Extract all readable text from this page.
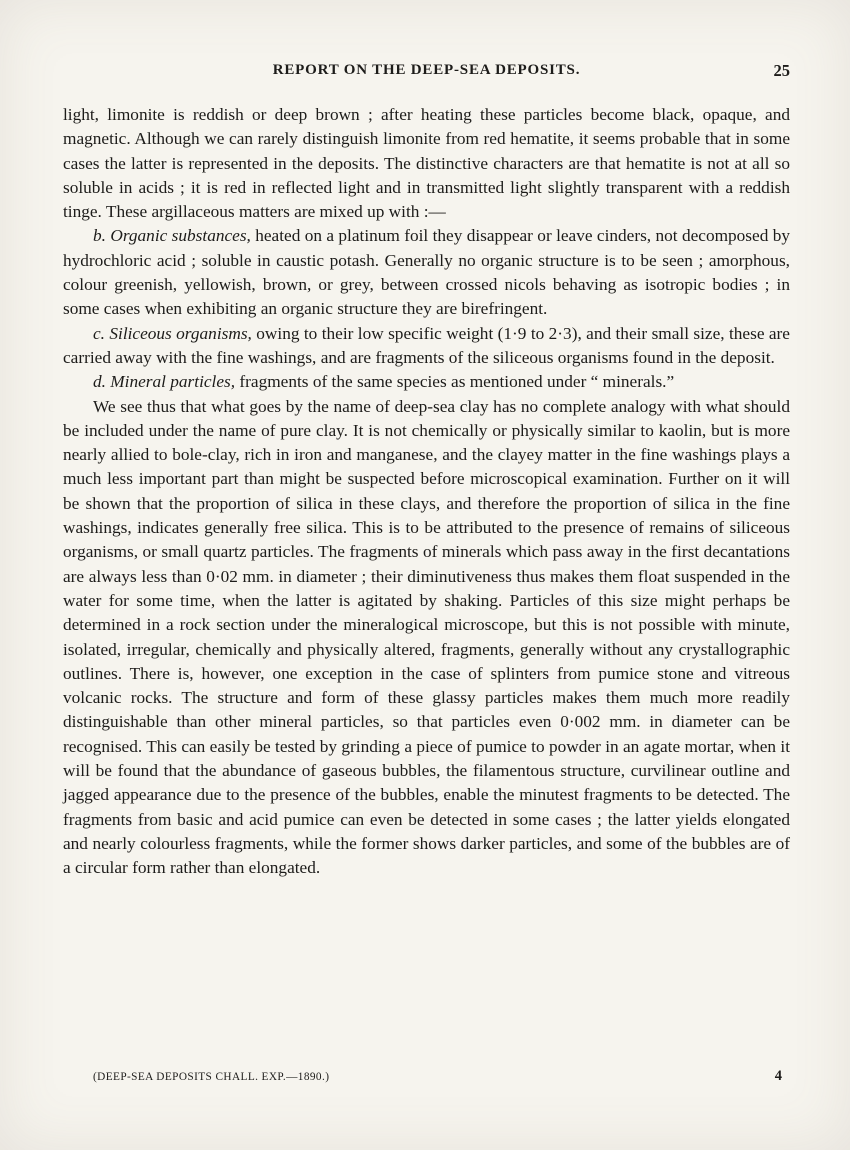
REPORT ON THE DEEP-SEA DEPOSITS.	25

light, limonite is reddish or deep brown ; after heating these particles become black, opaque, and magnetic. Although we can rarely distinguish limonite from red hematite, it seems probable that in some cases the latter is represented in the deposits. The distinctive characters are that hematite is not at all so soluble in acids ; it is red in reflected light and in transmitted light slightly transparent with a reddish tinge. These argillaceous matters are mixed up with :—

b. Organic substances, heated on a platinum foil they disappear or leave cinders, not decomposed by hydrochloric acid ; soluble in caustic potash. Generally no organic structure is to be seen ; amorphous, colour greenish, yellowish, brown, or grey, between crossed nicols behaving as isotropic bodies ; in some cases when exhibiting an organic structure they are birefringent.

c. Siliceous organisms, owing to their low specific weight (1·9 to 2·3), and their small size, these are carried away with the fine washings, and are fragments of the siliceous organisms found in the deposit.

d. Mineral particles, fragments of the same species as mentioned under “ minerals.”

We see thus that what goes by the name of deep-sea clay has no complete analogy with what should be included under the name of pure clay. It is not chemically or physically similar to kaolin, but is more nearly allied to bole-clay, rich in iron and manganese, and the clayey matter in the fine washings plays a much less important part than might be suspected before microscopical examination. Further on it will be shown that the proportion of silica in these clays, and therefore the proportion of silica in the fine washings, indicates generally free silica. This is to be attributed to the presence of remains of siliceous organisms, or small quartz particles. The fragments of minerals which pass away in the first decantations are always less than 0·02 mm. in diameter ; their diminutiveness thus makes them float suspended in the water for some time, when the latter is agitated by shaking. Particles of this size might perhaps be determined in a rock section under the mineralogical microscope, but this is not possible with minute, isolated, irregular, chemically and physically altered, fragments, generally without any crystallographic outlines. There is, however, one exception in the case of splinters from pumice stone and vitreous volcanic rocks. The structure and form of these glassy particles makes them much more readily distinguishable than other mineral particles, so that particles even 0·002 mm. in diameter can be recognised. This can easily be tested by grinding a piece of pumice to powder in an agate mortar, when it will be found that the abundance of gaseous bubbles, the filamentous structure, curvilinear outline and jagged appearance due to the presence of the bubbles, enable the minutest fragments to be detected. The fragments from basic and acid pumice can even be detected in some cases ; the latter yields elongated and nearly colourless fragments, while the former shows darker particles, and some of the bubbles are of a circular form rather than elongated.

(DEEP-SEA DEPOSITS CHALL. EXP.—1890.)	4
